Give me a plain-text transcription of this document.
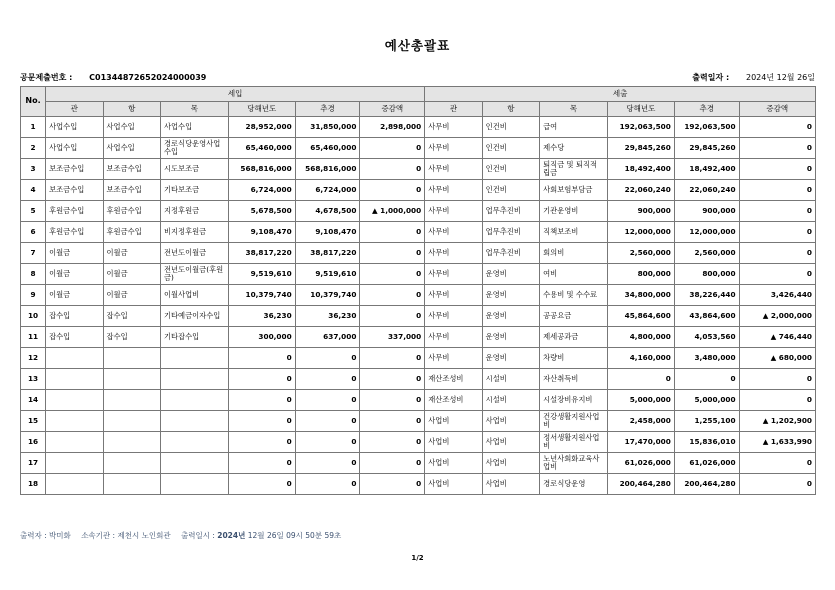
예산총괄표
공문제출번호 : C01344872652024000039	출력일자 : 2024년 12월 26일
No.	세입						세출					
	관	항	목	당해년도	추경	증감액	관	항	목	당해년도	추경	증감액
1	사업수입	사업수입	사업수입	28,952,000	31,850,000	2,898,000	사무비	인건비	급여	192,063,500	192,063,500	0
2	사업수입	사업수입	경로식당운영사업수입	65,460,000	65,460,000	0	사무비	인건비	제수당	29,845,260	29,845,260	0
3	보조금수입	보조금수입	시도보조금	568,816,000	568,816,000	0	사무비	인건비	퇴직금 및 퇴직적립금	18,492,400	18,492,400	0
4	보조금수입	보조금수입	기타보조금	6,724,000	6,724,000	0	사무비	인건비	사회보험부담금	22,060,240	22,060,240	0
5	후원금수입	후원금수입	지정후원금	5,678,500	4,678,500	▲ 1,000,000	사무비	업무추진비	기관운영비	900,000	900,000	0
6	후원금수입	후원금수입	비지정후원금	9,108,470	9,108,470	0	사무비	업무추진비	직책보조비	12,000,000	12,000,000	0
7	이월금	이월금	전년도이월금	38,817,220	38,817,220	0	사무비	업무추진비	회의비	2,560,000	2,560,000	0
8	이월금	이월금	전년도이월금(후원금)	9,519,610	9,519,610	0	사무비	운영비	여비	800,000	800,000	0
9	이월금	이월금	이월사업비	10,379,740	10,379,740	0	사무비	운영비	수용비 및 수수료	34,800,000	38,226,440	3,426,440
10	잡수입	잡수입	기타예금이자수입	36,230	36,230	0	사무비	운영비	공공요금	45,864,600	43,864,600	▲ 2,000,000
11	잡수입	잡수입	기타잡수입	300,000	637,000	337,000	사무비	운영비	제세공과금	4,800,000	4,053,560	▲ 746,440
12				0	0	0	사무비	운영비	차량비	4,160,000	3,480,000	▲ 680,000
13				0	0	0	재산조성비	시설비	자산취득비	0	0	0
14				0	0	0	재산조성비	시설비	시설장비유지비	5,000,000	5,000,000	0
15				0	0	0	사업비	사업비	건강생활지원사업비	2,458,000	1,255,100	▲ 1,202,900
16				0	0	0	사업비	사업비	정서생활지원사업비	17,470,000	15,836,010	▲ 1,633,990
17				0	0	0	사업비	사업비	노년사회화교육사업비	61,026,000	61,026,000	0
18				0	0	0	사업비	사업비	경로식당운영	200,464,280	200,464,280	0
출력자 : 박미화 소속기관 : 제천시 노인회관 출력일시 : 2024년 12월 26일 09시 50분 59초
1/2
